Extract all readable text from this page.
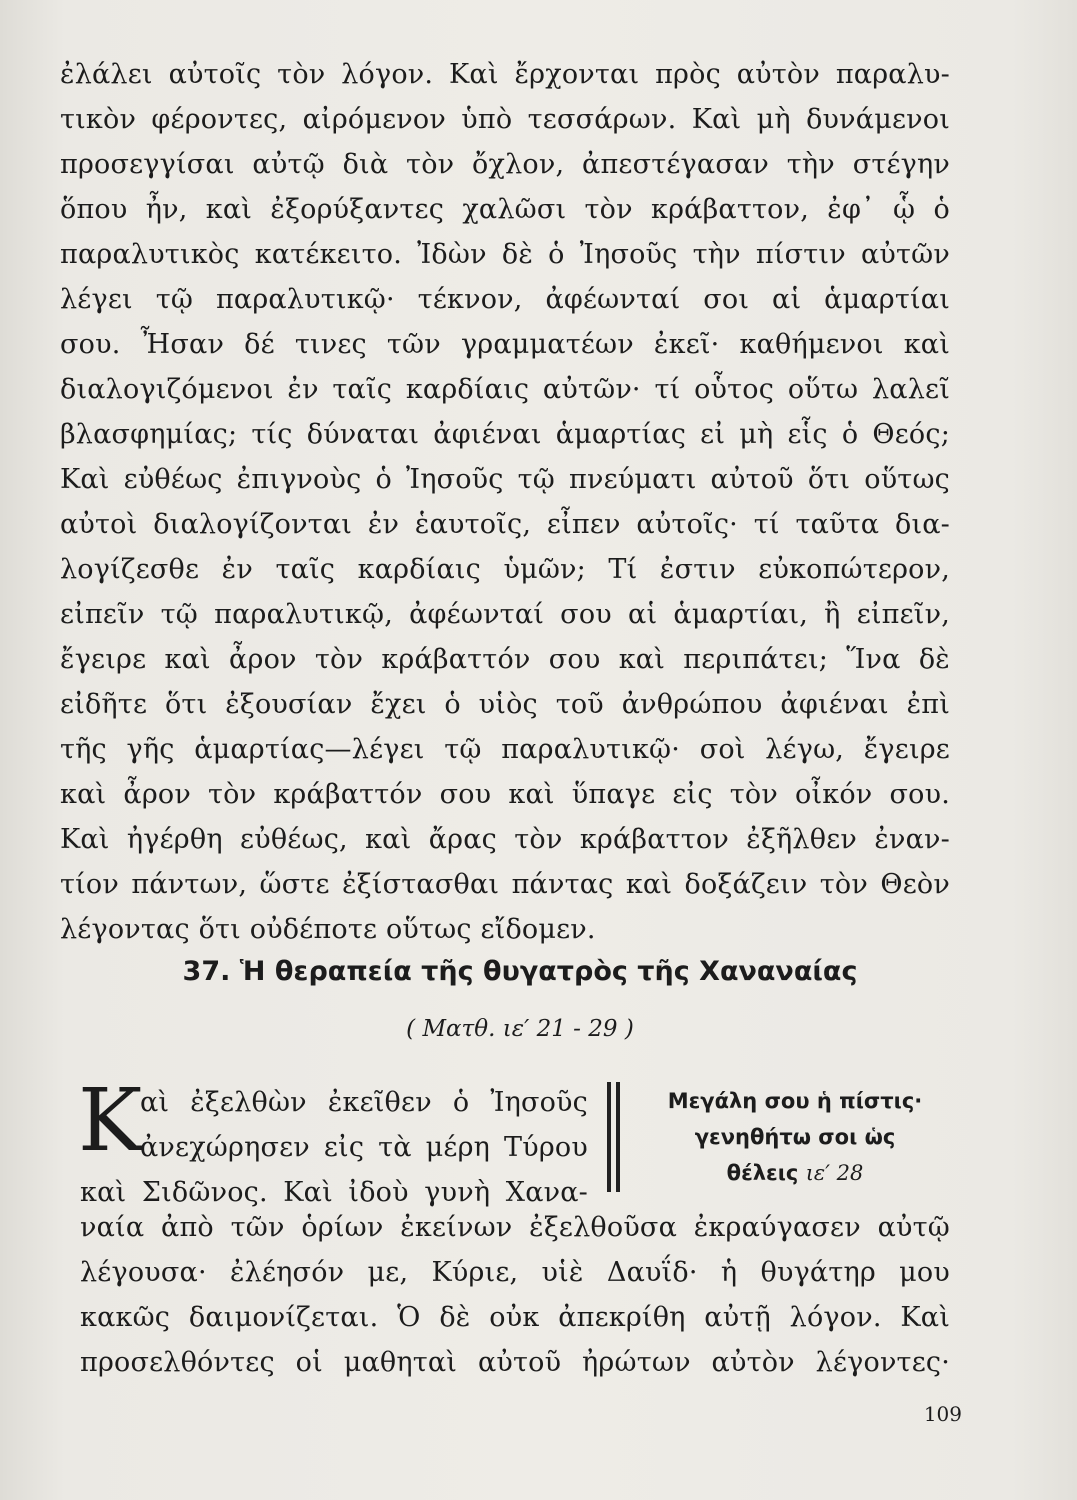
ἐλάλει αὐτοῖς τὸν λόγον. Καὶ ἔρχονται πρὸς αὐτὸν παραλυ-
τικὸν φέροντες, αἰρόμενον ὑπὸ τεσσάρων. Καὶ μὴ δυνάμενοι
προσεγγίσαι αὐτῷ διὰ τὸν ὄχλον, ἀπεστέγασαν τὴν στέγην
ὅπου ἦν, καὶ ἐξορύξαντες χαλῶσι τὸν κράβαττον, ἐφ᾽ ᾧ ὁ
παραλυτικὸς κατέκειτο. Ἰδὼν δὲ ὁ Ἰησοῦς τὴν πίστιν αὐτῶν
λέγει τῷ παραλυτικῷ· τέκνον, ἀφέωνταί σοι αἱ ἁμαρτίαι
σου. Ἦσαν δέ τινες τῶν γραμματέων ἐκεῖ· καθήμενοι καὶ
διαλογιζόμενοι ἐν ταῖς καρδίαις αὐτῶν· τί οὗτος οὕτω λαλεῖ
βλασφημίας; τίς δύναται ἀφιέναι ἁμαρτίας εἰ μὴ εἷς ὁ Θεός;
Καὶ εὐθέως ἐπιγνοὺς ὁ Ἰησοῦς τῷ πνεύματι αὐτοῦ ὅτι οὕτως
αὐτοὶ διαλογίζονται ἐν ἑαυτοῖς, εἶπεν αὐτοῖς· τί ταῦτα δια-
λογίζεσθε ἐν ταῖς καρδίαις ὑμῶν; Τί ἐστιν εὐκοπώτερον,
εἰπεῖν τῷ παραλυτικῷ, ἀφέωνταί σου αἱ ἁμαρτίαι, ἢ εἰπεῖν,
ἔγειρε καὶ ἆρον τὸν κράβαττόν σου καὶ περιπάτει; Ἵνα δὲ
εἰδῆτε ὅτι ἐξουσίαν ἔχει ὁ υἱὸς τοῦ ἀνθρώπου ἀφιέναι ἐπὶ
τῆς γῆς ἁμαρτίας—λέγει τῷ παραλυτικῷ· σοὶ λέγω, ἔγειρε
καὶ ἆρον τὸν κράβαττόν σου καὶ ὕπαγε εἰς τὸν οἶκόν σου.
Καὶ ἠγέρθη εὐθέως, καὶ ἄρας τὸν κράβαττον ἐξῆλθεν ἐναν-
τίον πάντων, ὥστε ἐξίστασθαι πάντας καὶ δοξάζειν τὸν Θεὸν
λέγοντας ὅτι οὐδέποτε οὕτως εἴδομεν.
37. Ἡ θεραπεία τῆς θυγατρὸς τῆς Χαναναίας
( Ματθ. ιε′ 21 - 29 )
K
αὶ ἐξελθὼν ἐκεῖθεν ὁ Ἰησοῦς
ἀνεχώρησεν εἰς τὰ μέρη Τύρου
καὶ Σιδῶνος. Καὶ ἰδοὺ γυνὴ Χανα-
Μεγάλη σου ἡ πίστις·
γενηθήτω σοι ὡς
θέλεις ιε′ 28
ναία ἀπὸ τῶν ὁρίων ἐκείνων ἐξελθοῦσα ἐκραύγασεν αὐτῷ
λέγουσα· ἐλέησόν με, Κύριε, υἱὲ Δαυΐδ· ἡ θυγάτηρ μου
κακῶς δαιμονίζεται. Ὁ δὲ οὐκ ἀπεκρίθη αὐτῇ λόγον. Καὶ
προσελθόντες οἱ μαθηταὶ αὐτοῦ ἠρώτων αὐτὸν λέγοντες·
109
